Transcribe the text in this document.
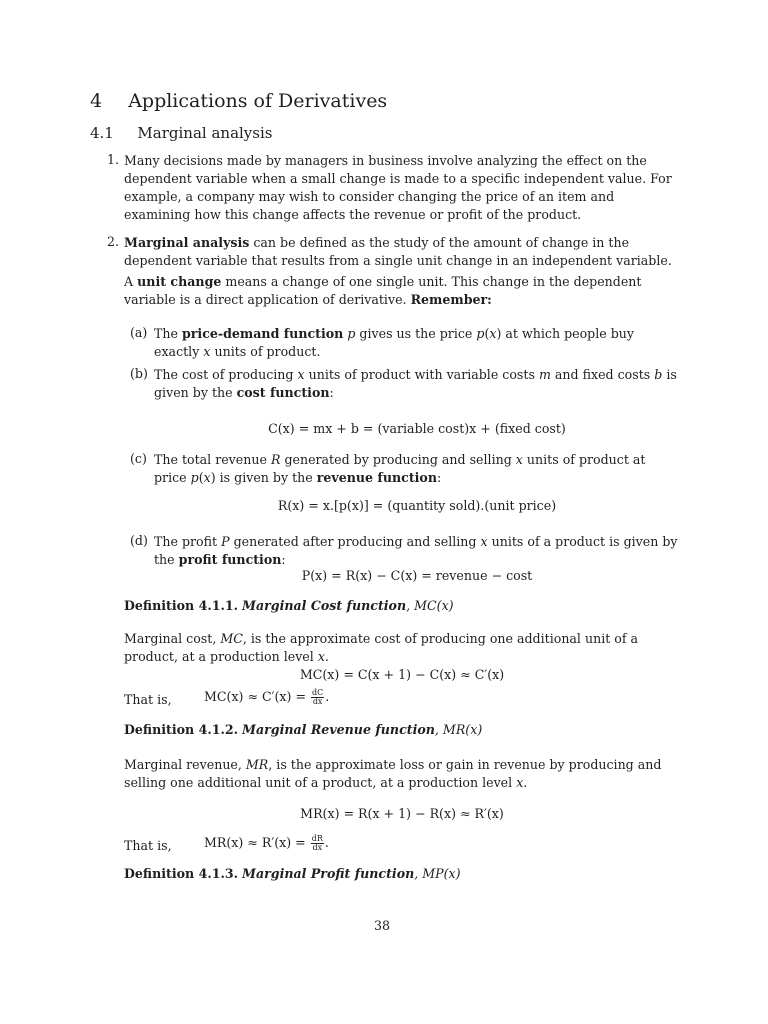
4 Applications of Derivatives
4.1 Marginal analysis
1. Many decisions made by managers in business involve analyzing the effect on the dependent variable when a small change is made to a specific independent value. For example, a company may wish to consider changing the price of an item and examining how this change affects the revenue or profit of the product.
2. Marginal analysis can be defined as the study of the amount of change in the dependent variable that results from a single unit change in an independent variable.
A unit change means a change of one single unit. This change in the dependent variable is a direct application of derivative. Remember:
(a) The price-demand function p gives us the price p(x) at which people buy exactly x units of product.
(b) The cost of producing x units of product with variable costs m and fixed costs b is given by the cost function:
C(x) = mx + b = (variable cost)x + (fixed cost)
(c) The total revenue R generated by producing and selling x units of product at price p(x) is given by the revenue function:
R(x) = x.[p(x)] = (quantity sold).(unit price)
(d) The profit P generated after producing and selling x units of a product is given by the profit function:
P(x) = R(x) − C(x) = revenue − cost
Definition 4.1.1. Marginal Cost function, MC(x)
Marginal cost, MC, is the approximate cost of producing one additional unit of a product, at a production level x.
MC(x) = C(x + 1) − C(x) ≈ C′(x)
That is,	$MC(x) \approx C'(x) = \frac{dC}{dx}$ .
Definition 4.1.2. Marginal Revenue function, MR(x)
Marginal revenue, MR, is the approximate loss or gain in revenue by producing and selling one additional unit of a product, at a production level x.
MR(x) = R(x + 1) − R(x) ≈ R′(x)
That is,	$MR(x) \approx R'(x) = \frac{dR}{dx}$ .
Definition 4.1.3. Marginal Profit function, MP(x)
38
